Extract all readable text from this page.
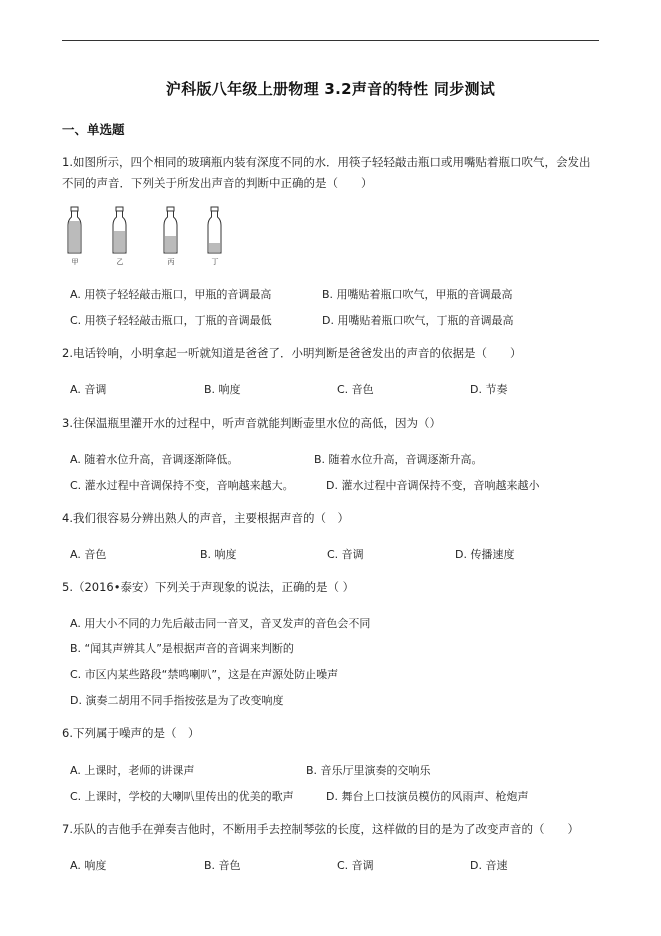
沪科版八年级上册物理 3.2声音的特性 同步测试
一、单选题
1.如图所示，四个相同的玻璃瓶内装有深度不同的水．用筷子轻轻敲击瓶口或用嘴贴着瓶口吹气，会发出
不同的声音．下列关于所发出声音的判断中正确的是（　　）
甲	乙	丙	丁
A. 用筷子轻轻敲击瓶口，甲瓶的音调最高	B. 用嘴贴着瓶口吹气，甲瓶的音调最高
C. 用筷子轻轻敲击瓶口，丁瓶的音调最低	D. 用嘴贴着瓶口吹气，丁瓶的音调最高
2.电话铃响，小明拿起一听就知道是爸爸了．小明判断是爸爸发出的声音的依据是（　　）
A. 音调	B. 响度	C. 音色	D. 节奏
3.往保温瓶里灌开水的过程中，听声音就能判断壶里水位的高低，因为（）
A. 随着水位升高，音调逐渐降低。	B. 随着水位升高，音调逐渐升高。
C. 灌水过程中音调保持不变，音响越来越大。	D. 灌水过程中音调保持不变，音响越来越小
4.我们很容易分辨出熟人的声音，主要根据声音的（　）
A. 音色	B. 响度	C. 音调	D. 传播速度
5.（2016•泰安）下列关于声现象的说法，正确的是（ ）
A. 用大小不同的力先后敲击同一音叉，音叉发声的音色会不同
B. “闻其声辨其人”是根据声音的音调来判断的
C. 市区内某些路段“禁鸣喇叭”，这是在声源处防止噪声
D. 演奏二胡用不同手指按弦是为了改变响度
6.下列属于噪声的是（　）
A. 上课时，老师的讲课声	B. 音乐厅里演奏的交响乐
C. 上课时，学校的大喇叭里传出的优美的歌声	D. 舞台上口技演员模仿的风雨声、枪炮声
7.乐队的吉他手在弹奏吉他时，不断用手去控制琴弦的长度，这样做的目的是为了改变声音的（　　）
A. 响度	B. 音色	C. 音调	D. 音速
